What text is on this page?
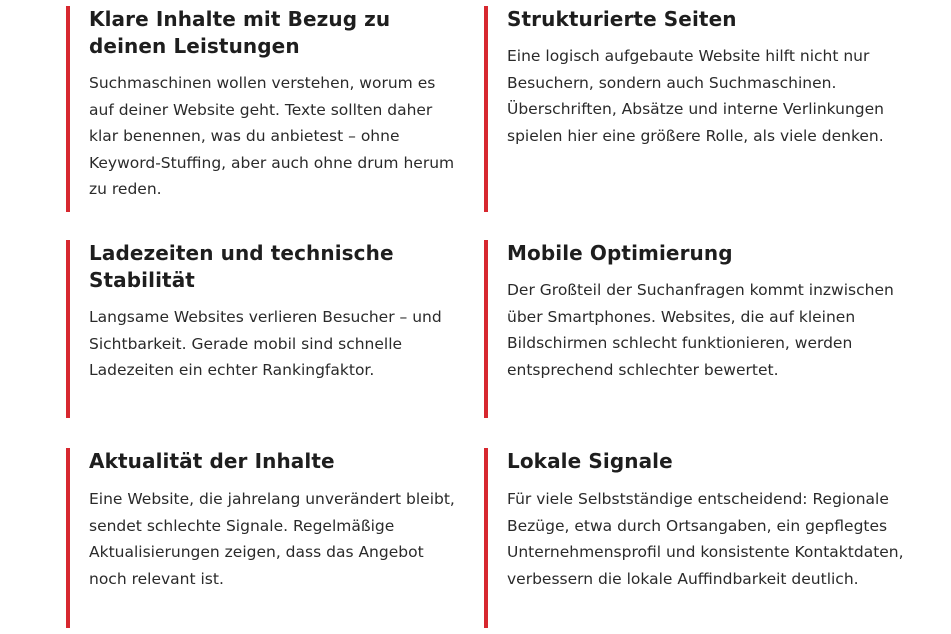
Klare Inhalte mit Bezug zu deinen Leistungen

Suchmaschinen wollen verstehen, worum es auf deiner Website geht. Texte sollten daher klar benennen, was du anbietest – ohne Keyword-Stuffing, aber auch ohne drum herum zu reden.

Strukturierte Seiten

Eine logisch aufgebaute Website hilft nicht nur Besuchern, sondern auch Suchmaschinen. Überschriften, Absätze und interne Verlinkungen spielen hier eine größere Rolle, als viele denken.

Ladezeiten und technische Stabilität

Langsame Websites verlieren Besucher – und Sichtbarkeit. Gerade mobil sind schnelle Ladezeiten ein echter Rankingfaktor.

Mobile Optimierung

Der Großteil der Suchanfragen kommt inzwischen über Smartphones. Websites, die auf kleinen Bildschirmen schlecht funktionieren, werden entsprechend schlechter bewertet.

Aktualität der Inhalte

Eine Website, die jahrelang unverändert bleibt, sendet schlechte Signale. Regelmäßige Aktualisierungen zeigen, dass das Angebot noch relevant ist.

Lokale Signale

Für viele Selbstständige entscheidend: Regionale Bezüge, etwa durch Ortsangaben, ein gepflegtes Unternehmensprofil und konsistente Kontaktdaten, verbessern die lokale Auffindbarkeit deutlich.
